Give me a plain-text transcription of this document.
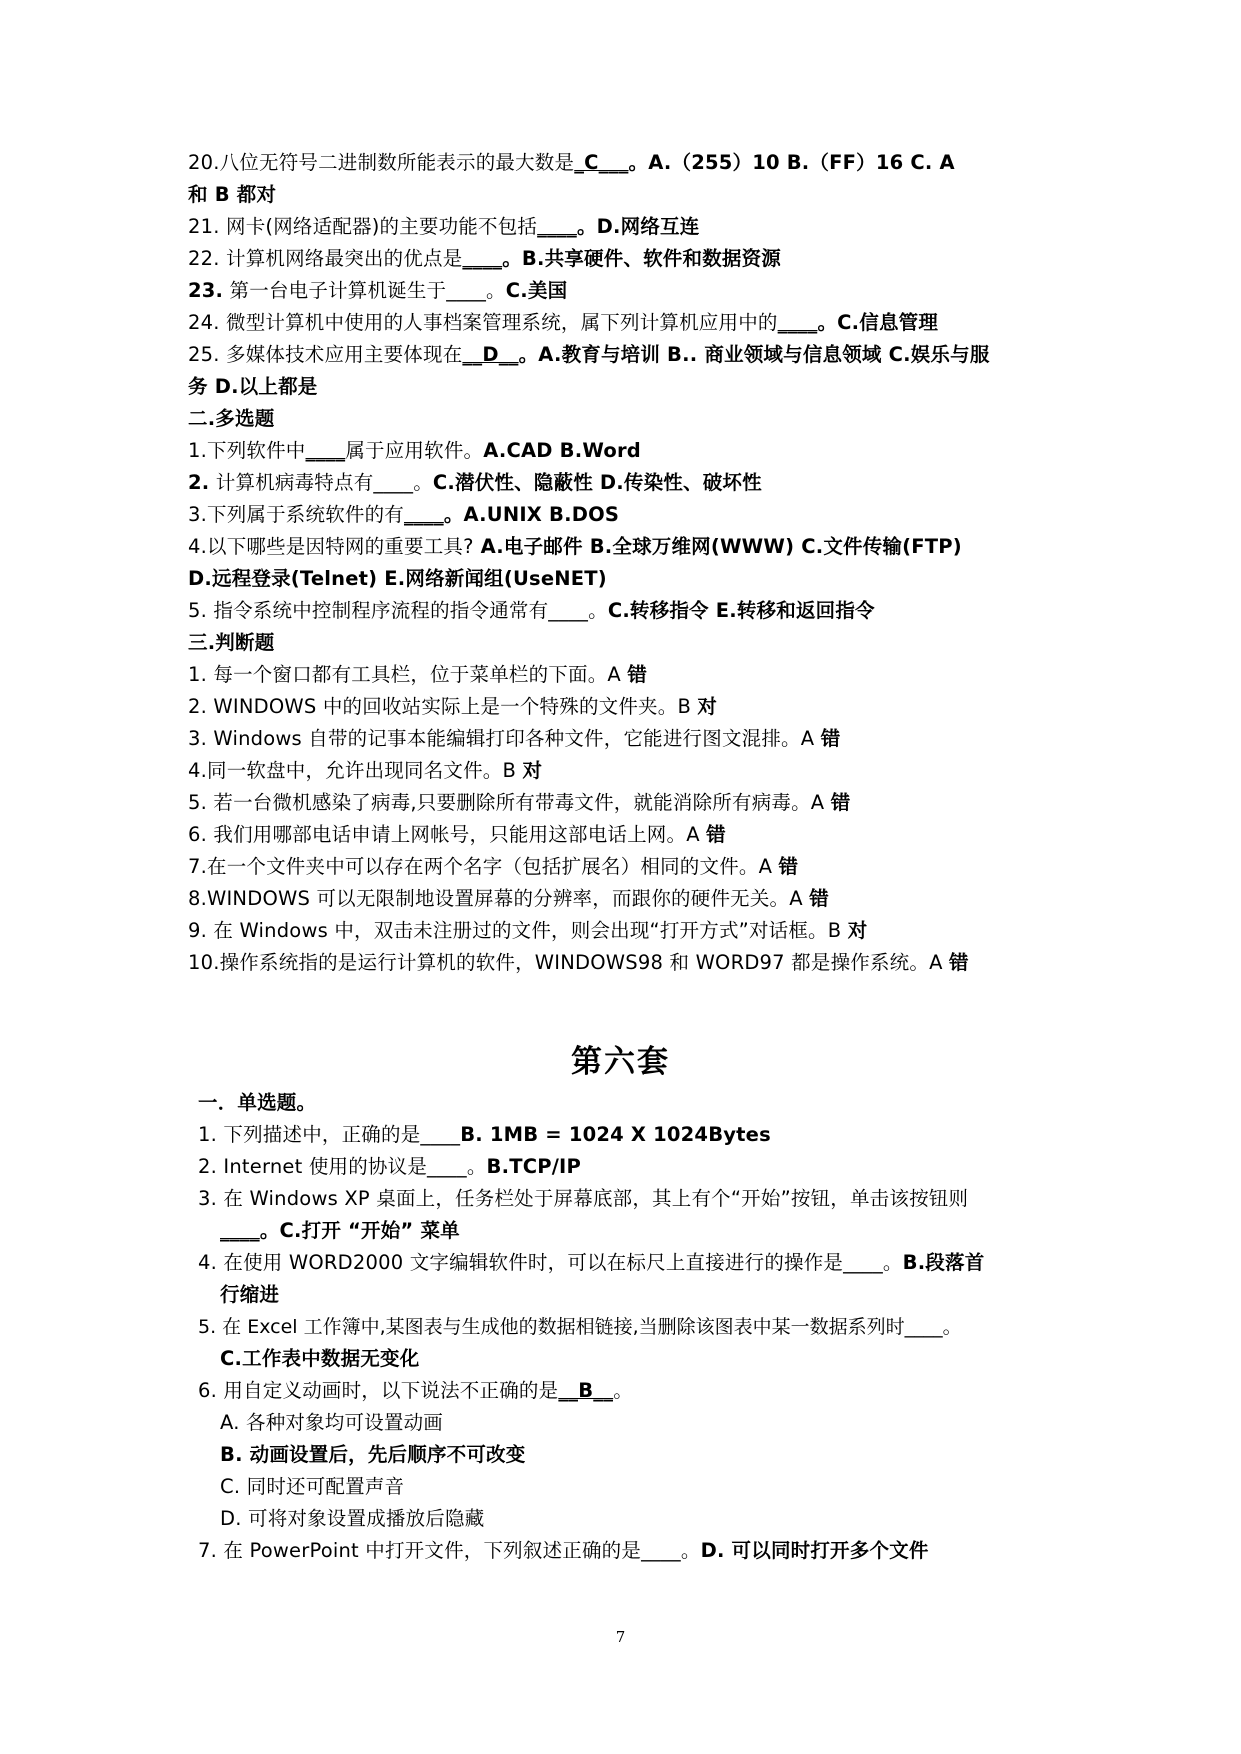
20.八位无符号二进制数所能表示的最大数是_C___。A.（255）10 B.（FF）16 C. A
和 B 都对
21. 网卡(网络适配器)的主要功能不包括____。D.网络互连
22. 计算机网络最突出的优点是____。B.共享硬件、软件和数据资源
23. 第一台电子计算机诞生于____。C.美国
24. 微型计算机中使用的人事档案管理系统，属下列计算机应用中的____。C.信息管理
25. 多媒体技术应用主要体现在__D__。A.教育与培训 B.. 商业领域与信息领域 C.娱乐与服
务 D.以上都是
二.多选题
1.下列软件中____属于应用软件。A.CAD B.Word
2. 计算机病毒特点有____。C.潜伏性、隐蔽性 D.传染性、破坏性
3.下列属于系统软件的有____。A.UNIX B.DOS
4.以下哪些是因特网的重要工具? A.电子邮件 B.全球万维网(WWW) C.文件传输(FTP)
D.远程登录(Telnet) E.网络新闻组(UseNET)
5. 指令系统中控制程序流程的指令通常有____。C.转移指令 E.转移和返回指令
三.判断题
1. 每一个窗口都有工具栏，位于菜单栏的下面。A 错
2. WINDOWS 中的回收站实际上是一个特殊的文件夹。B 对
3. Windows 自带的记事本能编辑打印各种文件，它能进行图文混排。A 错
4.同一软盘中，允许出现同名文件。B 对
5. 若一台微机感染了病毒,只要删除所有带毒文件，就能消除所有病毒。A 错
6. 我们用哪部电话申请上网帐号，只能用这部电话上网。A 错
7.在一个文件夹中可以存在两个名字（包括扩展名）相同的文件。A 错
8.WINDOWS 可以无限制地设置屏幕的分辨率，而跟你的硬件无关。A 错
9. 在 Windows 中，双击未注册过的文件，则会出现“打开方式”对话框。B 对
10.操作系统指的是运行计算机的软件，WINDOWS98 和 WORD97 都是操作系统。A 错
第六套
一．单选题。
1. 下列描述中，正确的是____B. 1MB = 1024 X 1024Bytes
2. Internet 使用的协议是____。B.TCP/IP
3. 在 Windows XP 桌面上，任务栏处于屏幕底部，其上有个“开始”按钮，单击该按钮则
____。C.打开 “开始” 菜单
4. 在使用 WORD2000 文字编辑软件时，可以在标尺上直接进行的操作是____。B.段落首
行缩进
5. 在 Excel 工作簿中,某图表与生成他的数据相链接,当删除该图表中某一数据系列时____。
C.工作表中数据无变化
6. 用自定义动画时，以下说法不正确的是__B__。
A. 各种对象均可设置动画
B. 动画设置后，先后顺序不可改变
C. 同时还可配置声音
D. 可将对象设置成播放后隐藏
7. 在 PowerPoint 中打开文件，下列叙述正确的是____。D. 可以同时打开多个文件
7
